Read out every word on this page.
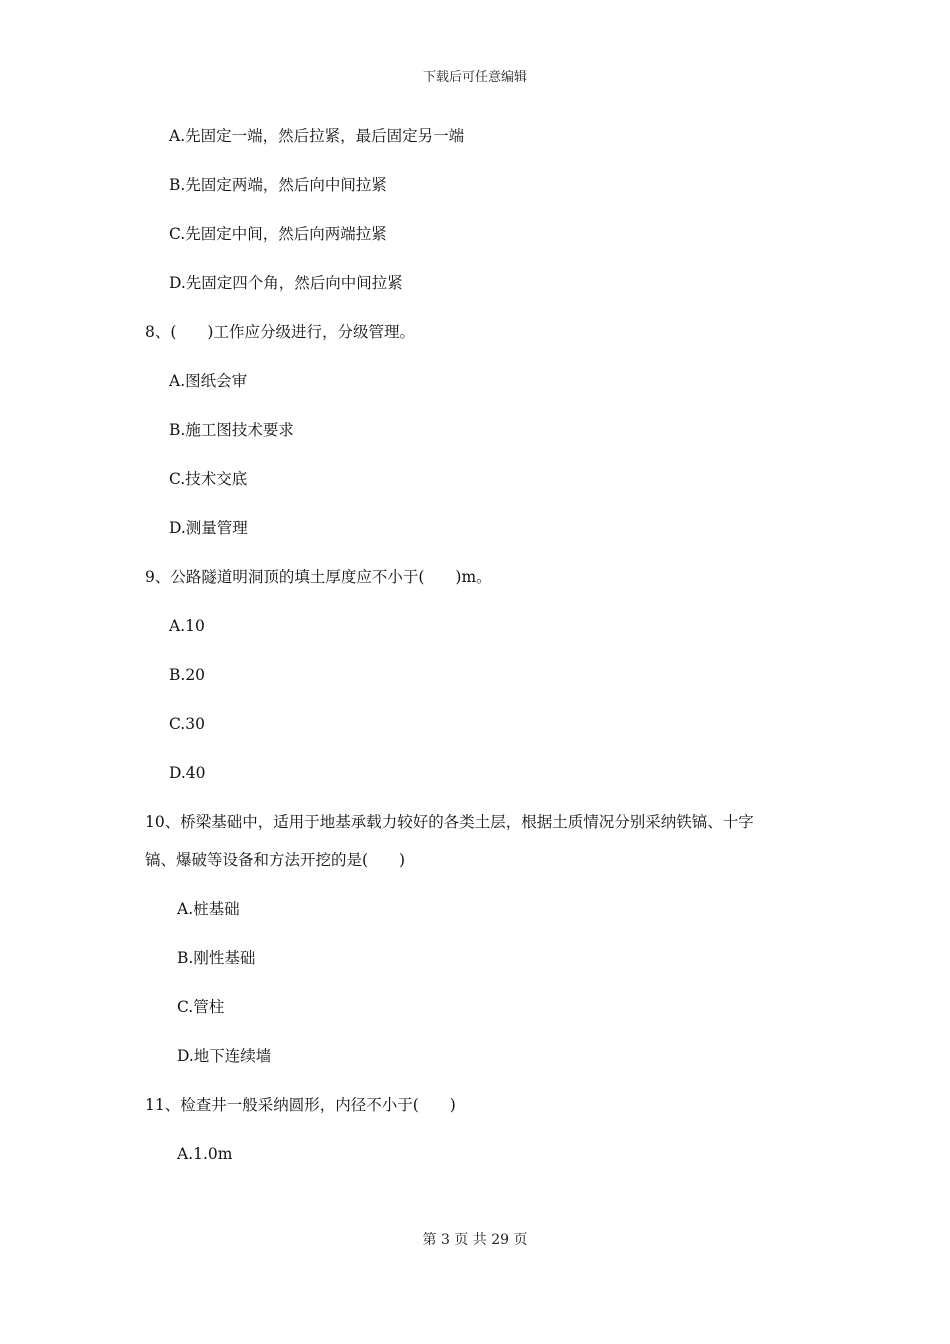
下载后可任意编辑
A.先固定一端，然后拉紧，最后固定另一端
B.先固定两端，然后向中间拉紧
C.先固定中间，然后向两端拉紧
D.先固定四个角，然后向中间拉紧
8、(　　)工作应分级进行，分级管理。
A.图纸会审
B.施工图技术要求
C.技术交底
D.测量管理
9、公路隧道明洞顶的填土厚度应不小于(　　)m。
A.10
B.20
C.30
D.40
10、桥梁基础中，适用于地基承载力较好的各类土层，根据土质情况分别采纳铁镐、十字
镐、爆破等设备和方法开挖的是(　　)
A.桩基础
B.刚性基础
C.管柱
D.地下连续墙
11、检查井一般采纳圆形，内径不小于(　　)
A.1.0m
第 3 页 共 29 页
